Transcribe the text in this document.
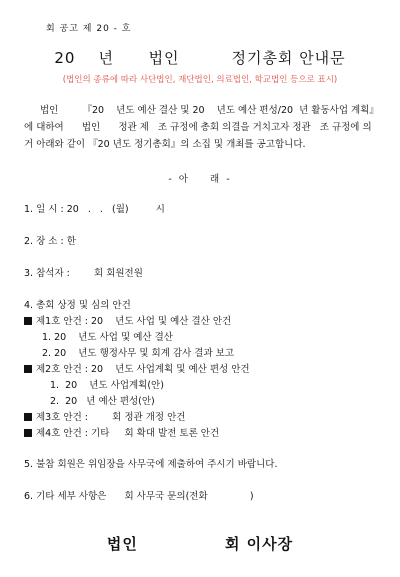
회 공고 제 20 - 호
20    년      법인         정기총회 안내문
(법인의 종류에 따라 사단법인, 재단법인, 의료법인, 학교법인 등으로 표시)

법인        『20    년도 예산 결산 및 20    년도 예산 편성/20  년 활동사업 계획』

에 대하여      법인      정관 제   조 규정에 총회 의결을 거치고자 정관   조 규정에 의

거 아래와 같이 『20 년도 정기총회』의 소집 및 개최를 공고합니다.

- 아    래 -
1. 일 시 : 20   .   .   (월)         시
2. 장 소 : 한
3. 참석자 :        회 회원전원
4. 총회 상정 및 심의 안건
제1호 안건 : 20    년도 사업 및 예산 결산 안건
1. 20    년도 사업 및 예산 결산
2. 20    년도 행정사무 및 회계 감사 결과 보고
제2호 안건 : 20    년도 사업계획 및 예산 편성 안건
1.  20    년도 사업계획(안)
2.  20   년 예산 편성(안)
제3호 안건 :        회 정관 개정 안건
제4호 안건 : 기타     회 확대 발전 토론 안건
5. 불참 회원은 위임장을 사무국에 제출하여 주시기 바랍니다.
6. 기타 세부 사항은      회 사무국 문의(전화              )
법인              회 이사장
